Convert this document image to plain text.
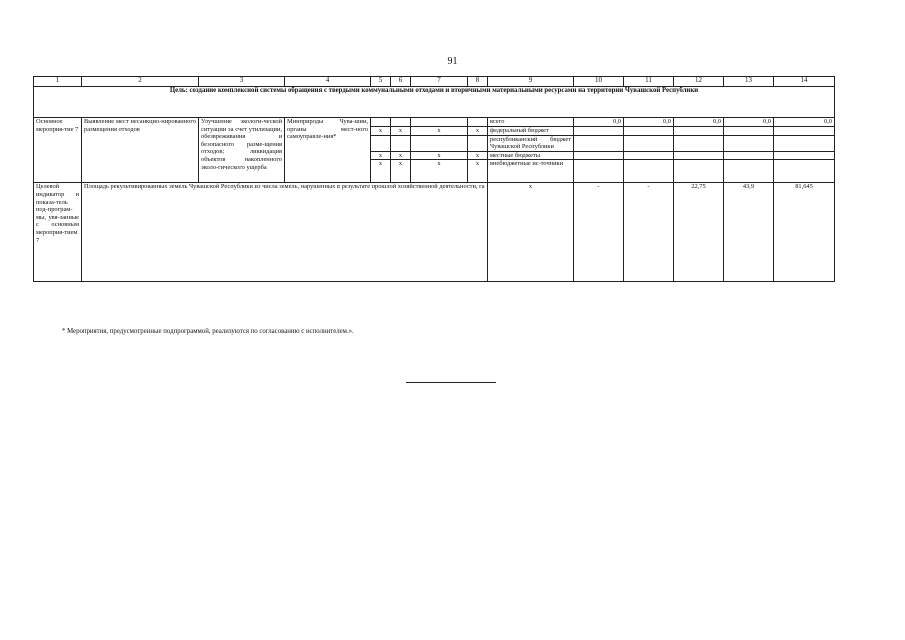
91
1	2	3	4	5	6	7	8	9	10	11	12	13	14
Цель: создание комплексной системы обращения с твердыми коммунальными отходами и вторичными материальными ресурсами на территории Чувашской Республики													
Основное мероприя-тие 7	Выявление мест несанкцио-нированного размещения отходов	Улучшение экологи-ческой ситуации за счет утилизации, обезвреживания и безопасного разме-щения отходов; ликвидация объектов накопленного эколо-гического ущерба	Минприроды Чува-шии, органы мест-ного самоуправле-ния*					всего	0,0	0,0	0,0	0,0	0,0
				x	x	x	x	федеральный бюджет					
								республиканский бюджет Чувашской Республики					
				x	x	x	x	местные бюджеты					
				x	x	x	x	внебюджетные ис-точники					
Целевой индикатор и показа-тель под-програм-мы, увя-занные с основным мероприя-тием 7	Площадь рекультивированных земель Чувашской Республики из числа земель, нарушенных в результате прошлой хозяйственной деятельности, га							x	-	-	22,75	43,9	81,645
* Мероприятия, предусмотренные подпрограммой, реализуются по согласованию с исполнителем.».
